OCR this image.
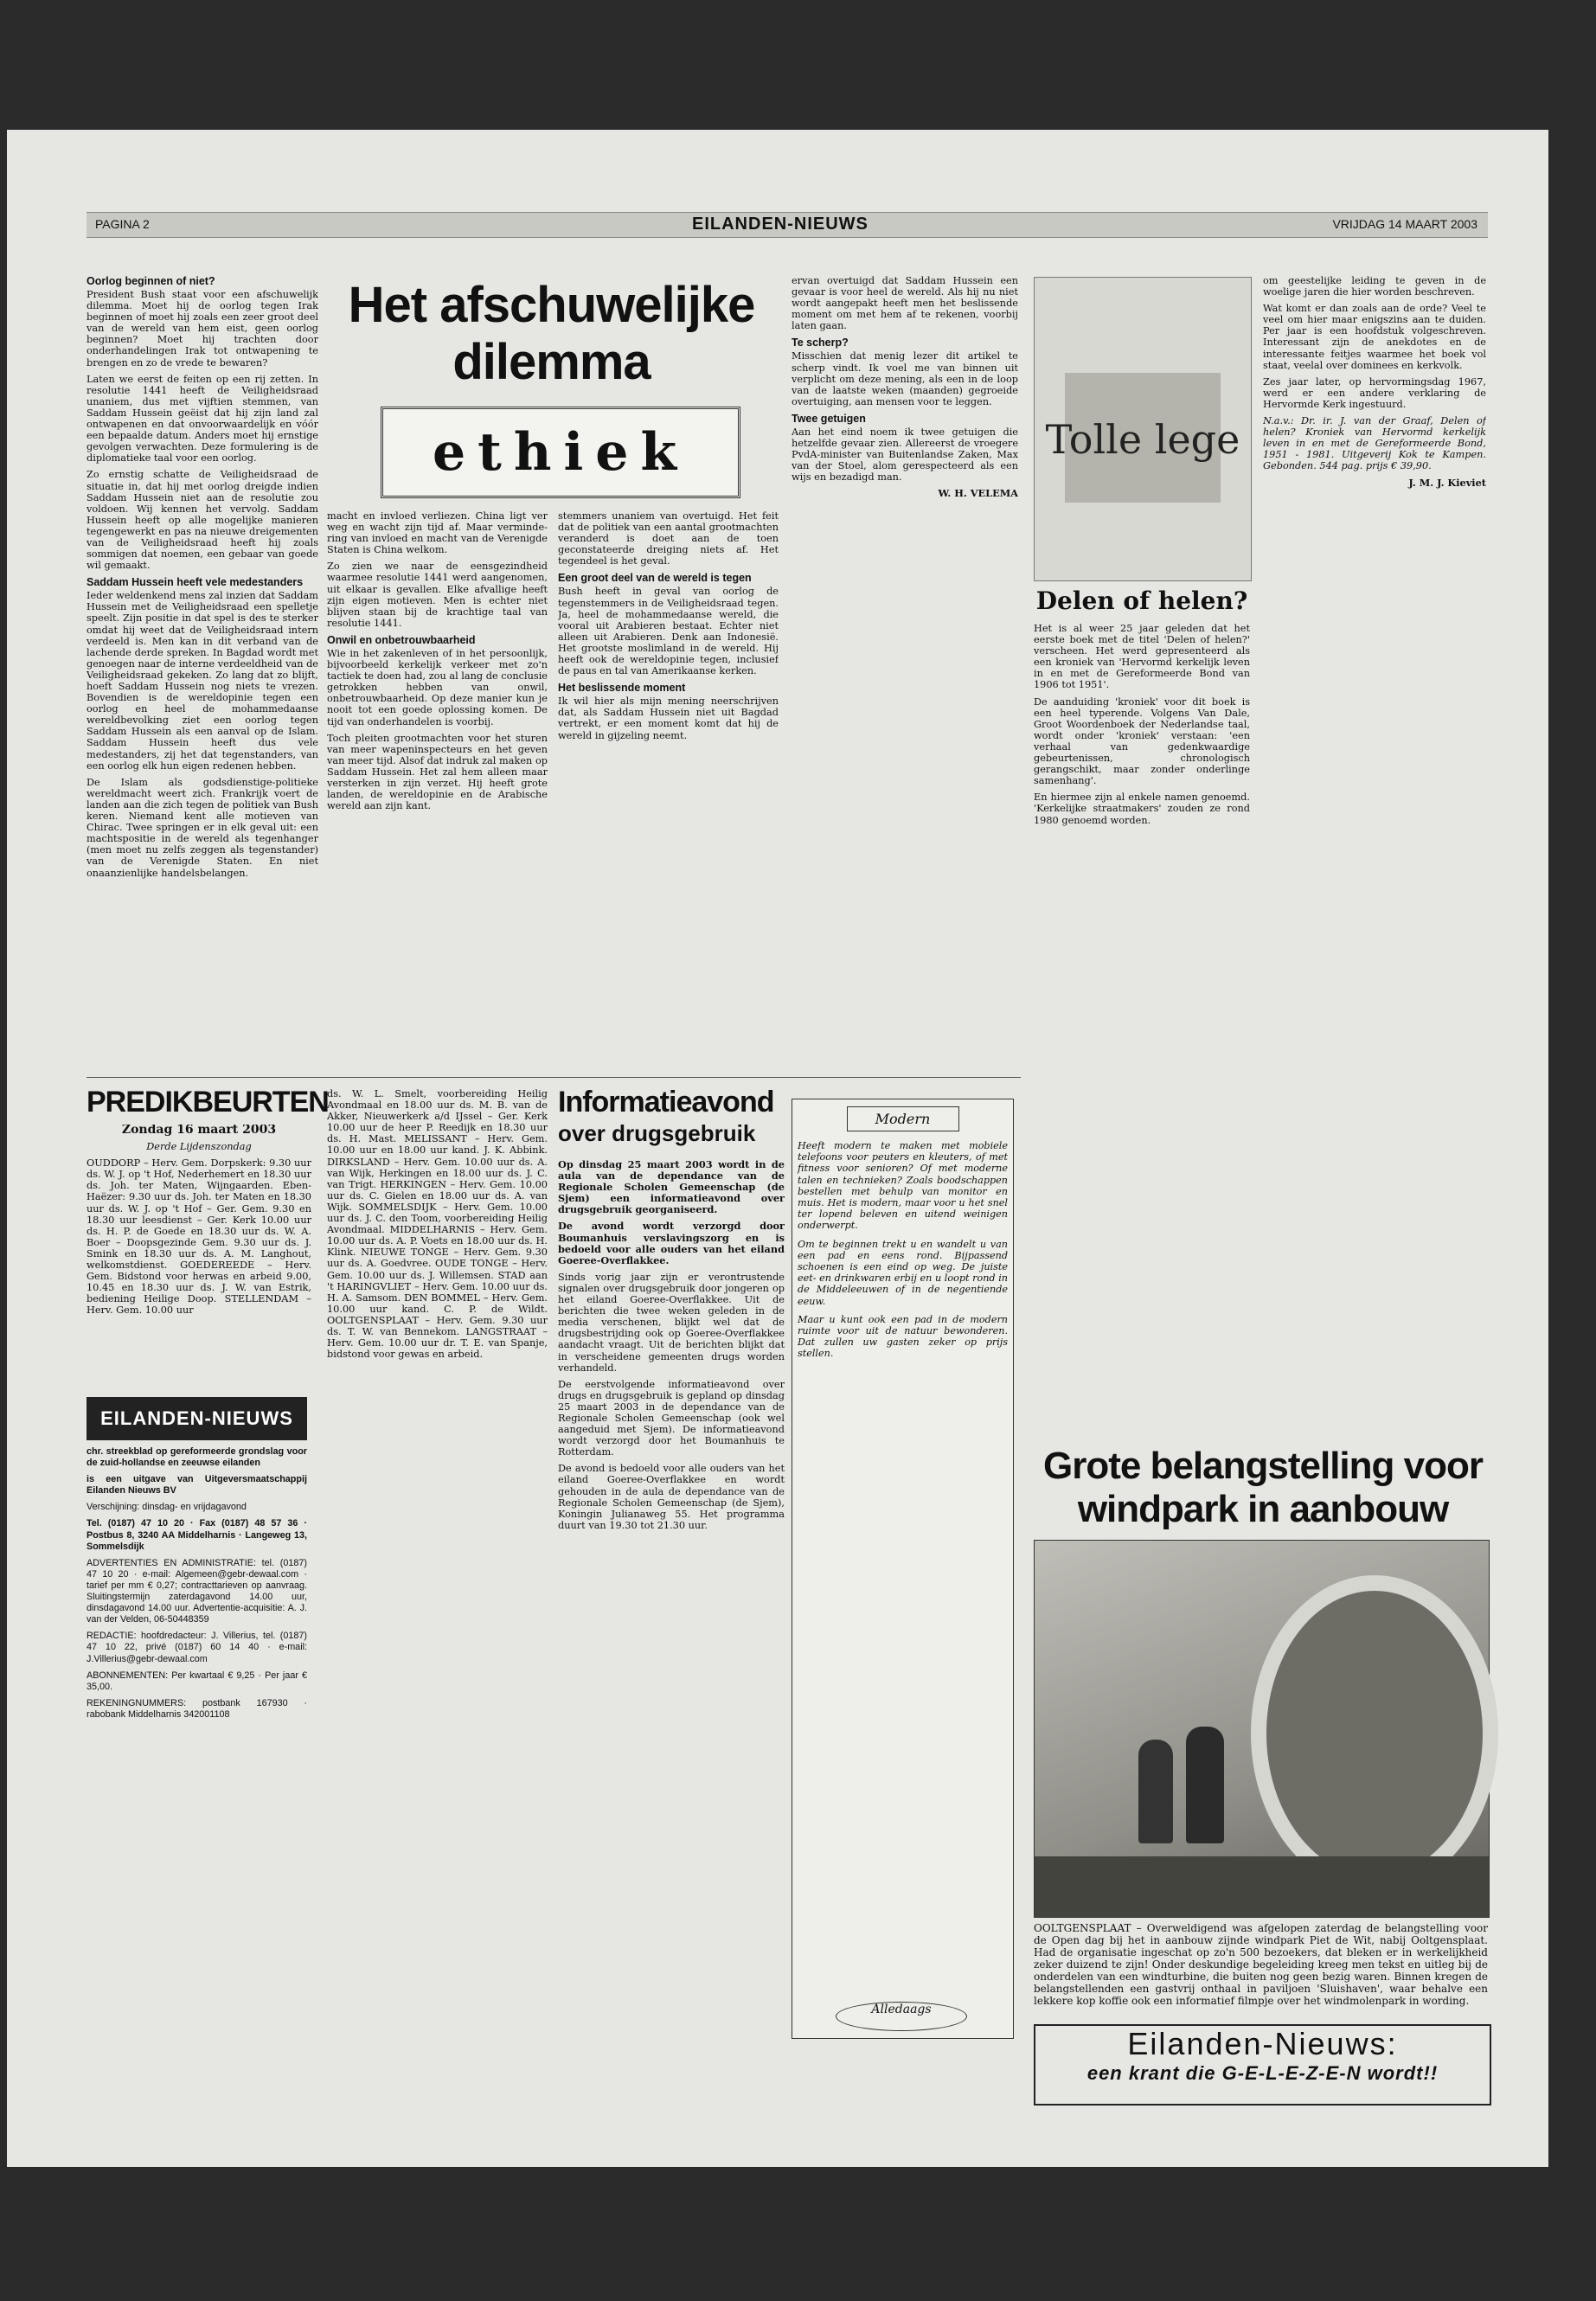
PAGINA 2	EILANDEN-NIEUWS	VRIJDAG 14 MAART 2003
Oorlog beginnen of niet?

President Bush staat voor een afschuwelijk dilemma. Moet hij de oorlog tegen Irak beginnen of moet hij zoals een zeer groot deel van de wereld van hem eist, geen oorlog beginnen? Moet hij trachten door onderhandelingen Irak tot ontwapening te brengen en zo de vrede te bewaren?

Laten we eerst de feiten op een rij zetten. In resolutie 1441 heeft de Veiligheidsraad unaniem, dus met vijftien stemmen, van Saddam Hussein geëist dat hij zijn land zal ontwapenen en dat onvoorwaardelijk en vóór een bepaalde datum. Anders moet hij ernstige gevolgen verwachten. Deze formulering is de diplomatieke taal voor een oorlog.

Zo ernstig schatte de Veiligheidsraad de situatie in, dat hij met oorlog dreigde indien Saddam Hussein niet aan de resolutie zou voldoen. Wij kennen het vervolg. Saddam Hussein heeft op alle mogelijke manieren tegengewerkt en pas na nieuwe dreigementen van de Veiligheidsraad heeft hij zoals sommigen dat noemen, een gebaar van goede wil gemaakt.

Saddam Hussein heeft vele medestanders

Ieder weldenkend mens zal inzien dat Saddam Hussein met de Veiligheidsraad een spelletje speelt. Zijn positie in dat spel is des te sterker omdat hij weet dat de Veiligheidsraad intern verdeeld is. Men kan in dit verband van de lachende derde spreken. In Bagdad wordt met genoegen naar de interne verdeeldheid van de Veiligheidsraad gekeken. Zo lang dat zo blijft, hoeft Saddam Hussein nog niets te vrezen. Bovendien is de wereldopinie tegen een oorlog en heel de mohammedaanse wereldbevolking ziet een oorlog tegen Saddam Hussein als een aanval op de Islam. Saddam Hussein heeft dus vele medestanders, zij het dat tegenstanders, van een oorlog elk hun eigen redenen hebben.

De Islam als godsdienstige-politieke wereldmacht weert zich. Frankrijk voert de landen aan die zich tegen de politiek van Bush keren. Niemand kent alle motieven van Chirac. Twee springen er in elk geval uit: een machtspositie in de wereld als tegenhanger (men moet nu zelfs zeggen als tegenstander) van de Verenigde Staten. En niet onaanzienlijke handelsbelangen.

Het afschuwelijke
dilemma
ethiek

macht en invloed verliezen. China ligt ver weg en wacht zijn tijd af. Maar vermindering van invloed en macht van de Verenigde Staten is China welkom.

Zo zien we naar de eensgezindheid waarmee resolutie 1441 werd aangenomen, uit elkaar is gevallen. Elke afvallige heeft zijn eigen motieven. Men is echter niet blijven staan bij de krachtige taal van resolutie 1441.

Onwil en onbetrouwbaarheid

Wie in het zakenleven of in het persoonlijk, bijvoorbeeld kerkelijk verkeer met zo'n tactiek te doen had, zou al lang de conclusie getrokken hebben van onwil, onbetrouwbaarheid. Op deze manier kun je nooit tot een goede oplossing komen. De tijd van onderhandelen is voorbij.

Toch pleiten grootmachten voor het sturen van meer wapeninspecteurs en het geven van meer tijd. Alsof dat indruk zal maken op Saddam Hussein. Het zal hem alleen maar versterken in zijn verzet. Hij heeft grote landen, de wereldopinie en de Arabische wereld aan zijn kant.

stemmers unaniem van overtuigd. Het feit dat de politiek van een aantal grootmachten veranderd is doet aan de toen geconstateerde dreiging niets af. Het tegendeel is het geval.

Een groot deel van de wereld is tegen

Bush heeft in geval van oorlog de tegenstemmers in de Veiligheidsraad tegen. Ja, heel de mohammedaanse wereld, die vooral uit Arabieren bestaat. Echter niet alleen uit Arabieren. Denk aan Indonesië. Het grootste moslimland in de wereld. Hij heeft ook de wereldopinie tegen, inclusief de paus en tal van Amerikaanse kerken.

Het beslissende moment

Ik wil hier als mijn mening neerschrijven dat, als Saddam Hussein niet uit Bagdad vertrekt, er een moment komt dat hij de wereld in gijzeling neemt.

ervan overtuigd dat Saddam Hussein een gevaar is voor heel de wereld. Als hij nu niet wordt aangepakt heeft men het beslissende moment om met hem af te rekenen, voorbij laten gaan.

Te scherp?

Misschien dat menig lezer dit artikel te scherp vindt. Ik voel me van binnen uit verplicht om deze mening, als een in de loop van de laatste weken (maanden) gegroeide overtuiging, aan mensen voor te leggen.

Twee getuigen

Aan het eind noem ik twee getuigen die hetzelfde gevaar zien. Allereerst de vroegere PvdA-minister van Buitenlandse Zaken, Max van der Stoel, alom gerespecteerd als een wijs en bezadigd man.

W. H. VELEMA

Tolle lege
Delen of helen?

Het is al weer 25 jaar geleden dat het eerste boek met de titel 'Delen of helen?' verscheen. Het werd gepresenteerd als een kroniek van 'Hervormd kerkelijk leven in en met de Gereformeerde Bond van 1906 tot 1951'.

De aanduiding 'kroniek' voor dit boek is een heel typerende. Volgens Van Dale, Groot Woordenboek der Nederlandse taal, wordt onder 'kroniek' verstaan: 'een verhaal van gedenkwaardige gebeurtenissen, chronologisch gerangschikt, maar zonder onderlinge samenhang'.

En hiermee zijn al enkele namen genoemd. 'Kerkelijke straatmakers' zouden ze rond 1980 genoemd worden.

om geestelijke leiding te geven in de woelige jaren die hier worden beschreven.

Wat komt er dan zoals aan de orde? Veel te veel om hier maar enigszins aan te duiden. Per jaar is een hoofdstuk volgeschreven. Interessant zijn de anekdotes en de interessante feitjes waarmee het boek vol staat, veelal over dominees en kerkvolk.

Zes jaar later, op hervormingsdag 1967, werd er een andere verklaring de Hervormde Kerk ingestuurd.

N.a.v.: Dr. ir. J. van der Graaf, Delen of helen? Kroniek van Hervormd kerkelijk leven in en met de Gereformeerde Bond, 1951 - 1981. Uitgeverij Kok te Kampen. Gebonden. 544 pag. prijs € 39,90.

J. M. J. Kieviet

PREDIKBEURTEN

Zondag 16 maart 2003

Derde Lijdenszondag

OUDDORP – Herv. Gem. Dorpskerk: 9.30 uur ds. W. J. op 't Hof, Nederhemert en 18.30 uur ds. Joh. ter Maten, Wijngaarden. Eben-Haëzer: 9.30 uur ds. Joh. ter Maten en 18.30 uur ds. W. J. op 't Hof – Ger. Gem. 9.30 en 18.30 uur leesdienst – Ger. Kerk 10.00 uur ds. H. P. de Goede en 18.30 uur ds. W. A. Boer – Doopsgezinde Gem. 9.30 uur ds. J. Smink en 18.30 uur ds. A. M. Langhout, welkomstdienst. GOEDEREEDE – Herv. Gem. Bidstond voor herwas en arbeid 9.00, 10.45 en 18.30 uur ds. J. W. van Estrik, bediening Heilige Doop. STELLENDAM – Herv. Gem. 10.00 uur

ds. W. L. Smelt, voorbereiding Heilig Avondmaal en 18.00 uur ds. M. B. van de Akker, Nieuwerkerk a/d IJssel – Ger. Kerk 10.00 uur de heer P. Reedijk en 18.30 uur ds. H. Mast. MELISSANT – Herv. Gem. 10.00 uur en 18.00 uur kand. J. K. Abbink. DIRKSLAND – Herv. Gem. 10.00 uur ds. A. van Wijk, Herkingen en 18.00 uur ds. J. C. van Trigt. HERKINGEN – Herv. Gem. 10.00 uur ds. C. Gielen en 18.00 uur ds. A. van Wijk. SOMMELSDIJK – Herv. Gem. 10.00 uur ds. J. C. den Toom, voorbereiding Heilig Avondmaal. MIDDELHARNIS – Herv. Gem. 10.00 uur ds. A. P. Voets en 18.00 uur ds. H. Klink. NIEUWE TONGE – Herv. Gem. 9.30 uur ds. A. Goedvree. OUDE TONGE – Herv. Gem. 10.00 uur ds. J. Willemsen. STAD aan 't HARINGVLIET – Herv. Gem. 10.00 uur ds. H. A. Samsom. DEN BOMMEL – Herv. Gem. 10.00 uur kand. C. P. de Wildt. OOLTGENSPLAAT – Herv. Gem. 9.30 uur ds. T. W. van Bennekom. LANGSTRAAT – Herv. Gem. 10.00 uur dr. T. E. van Spanje, bidstond voor gewas en arbeid.

EILANDEN-NIEUWS

chr. streekblad op gereformeerde grondslag voor de zuid-hollandse en zeeuwse eilanden

is een uitgave van Uitgeversmaatschappij Eilanden Nieuws BV

Verschijning: dinsdag- en vrijdagavond

Tel. (0187) 47 10 20 · Fax (0187) 48 57 36 · Postbus 8, 3240 AA Middelharnis · Langeweg 13, Sommelsdijk

ADVERTENTIES EN ADMINISTRATIE: tel. (0187) 47 10 20 · e-mail: Algemeen@gebr-dewaal.com · tarief per mm € 0,27; contracttarieven op aanvraag. Sluitingstermijn zaterdagavond 14.00 uur, dinsdagavond 14.00 uur. Advertentie-acquisitie: A. J. van der Velden, 06-50448359

REDACTIE: hoofdredacteur: J. Villerius, tel. (0187) 47 10 22, privé (0187) 60 14 40 · e-mail: J.Villerius@gebr-dewaal.com

ABONNEMENTEN: Per kwartaal € 9,25 · Per jaar € 35,00.

REKENINGNUMMERS: postbank 167930 · rabobank Middelharnis 342001108

Informatieavond
over drugsgebruik

Op dinsdag 25 maart 2003 wordt in de aula van de dependance van de Regionale Scholen Gemeenschap (de Sjem) een informatieavond over drugsgebruik georganiseerd.

De avond wordt verzorgd door Boumanhuis verslavingszorg en is bedoeld voor alle ouders van het eiland Goeree-Overflakkee.

Sinds vorig jaar zijn er verontrustende signalen over drugsgebruik door jongeren op het eiland Goeree-Overflakkee. Uit de berichten die twee weken geleden in de media verschenen, blijkt wel dat de drugsbestrijding ook op Goeree-Overflakkee aandacht vraagt. Uit de berichten blijkt dat in verscheidene gemeenten drugs worden verhandeld.

De eerstvolgende informatieavond over drugs en drugsgebruik is gepland op dinsdag 25 maart 2003 in de dependance van de Regionale Scholen Gemeenschap (ook wel aangeduid met Sjem). De informatieavond wordt verzorgd door het Boumanhuis te Rotterdam.

De avond is bedoeld voor alle ouders van het eiland Goeree-Overflakkee en wordt gehouden in de aula de dependance van de Regionale Scholen Gemeenschap (de Sjem), Koningin Julianaweg 55. Het programma duurt van 19.30 tot 21.30 uur.

Modern
Heeft modern te maken met mobiele telefoons voor peuters en kleuters, of met fitness voor senioren? Of met moderne talen en technieken? Zoals boodschappen bestellen met behulp van monitor en muis. Het is modern, maar voor u het snel ter lopend beleven en uitend weinigen onderwerpt.
Om te beginnen trekt u en wandelt u van een pad en eens rond. Bijpassend schoenen is een eind op weg. De juiste eet- en drinkwaren erbij en u loopt rond in de Middeleeuwen of in de negentiende eeuw.
Maar u kunt ook een pad in de modern ruimte voor uit de natuur bewonderen. Dat zullen uw gasten zeker op prijs stellen.
Alledaags
Grote belangstelling voor windpark in aanbouw

OOLTGENSPLAAT – Overweldigend was afgelopen zaterdag de belangstelling voor de Open dag bij het in aanbouw zijnde windpark Piet de Wit, nabij Ooltgensplaat. Had de organisatie ingeschat op zo'n 500 bezoekers, dat bleken er in werkelijkheid zeker duizend te zijn! Onder deskundige begeleiding kreeg men tekst en uitleg bij de onderdelen van een windturbine, die buiten nog geen bezig waren. Binnen kregen de belangstellenden een gastvrij onthaal in paviljoen 'Sluishaven', waar behalve een lekkere kop koffie ook een informatief filmpje over het windmolenpark in wording.

Eilanden-Nieuws:
een krant die G-E-L-E-Z-E-N wordt!!
